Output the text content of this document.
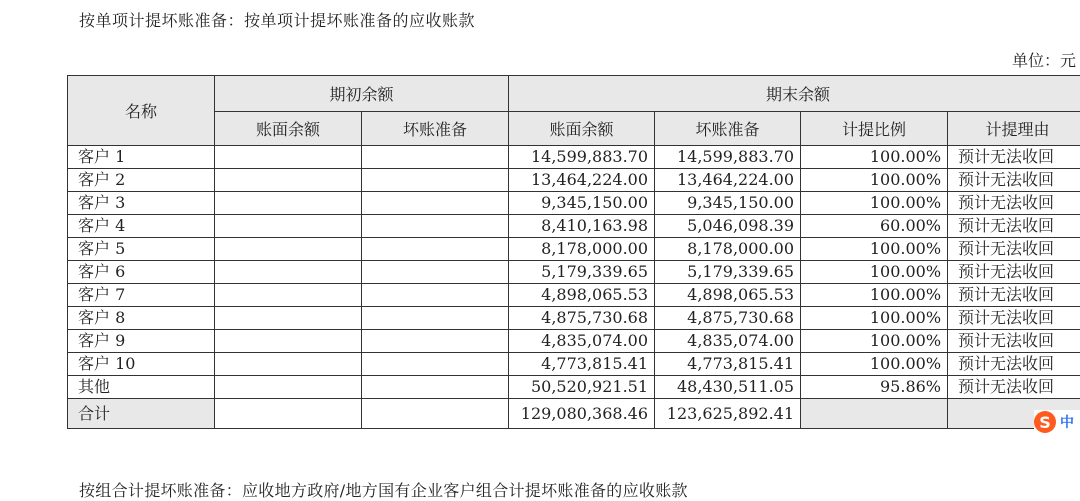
按单项计提坏账准备：按单项计提坏账准备的应收账款
单位：元
名称	期初余额		期末余额			
	账面余额	坏账准备	账面余额	坏账准备	计提比例	计提理由
客户 1			14,599,883.70	14,599,883.70	100.00%	预计无法收回
客户 2			13,464,224.00	13,464,224.00	100.00%	预计无法收回
客户 3			9,345,150.00	9,345,150.00	100.00%	预计无法收回
客户 4			8,410,163.98	5,046,098.39	60.00%	预计无法收回
客户 5			8,178,000.00	8,178,000.00	100.00%	预计无法收回
客户 6			5,179,339.65	5,179,339.65	100.00%	预计无法收回
客户 7			4,898,065.53	4,898,065.53	100.00%	预计无法收回
客户 8			4,875,730.68	4,875,730.68	100.00%	预计无法收回
客户 9			4,835,074.00	4,835,074.00	100.00%	预计无法收回
客户 10			4,773,815.41	4,773,815.41	100.00%	预计无法收回
其他			50,520,921.51	48,430,511.05	95.86%	预计无法收回
合计			129,080,368.46	123,625,892.41			S 中
按组合计提坏账准备：应收地方政府/地方国有企业客户组合计提坏账准备的应收账款
